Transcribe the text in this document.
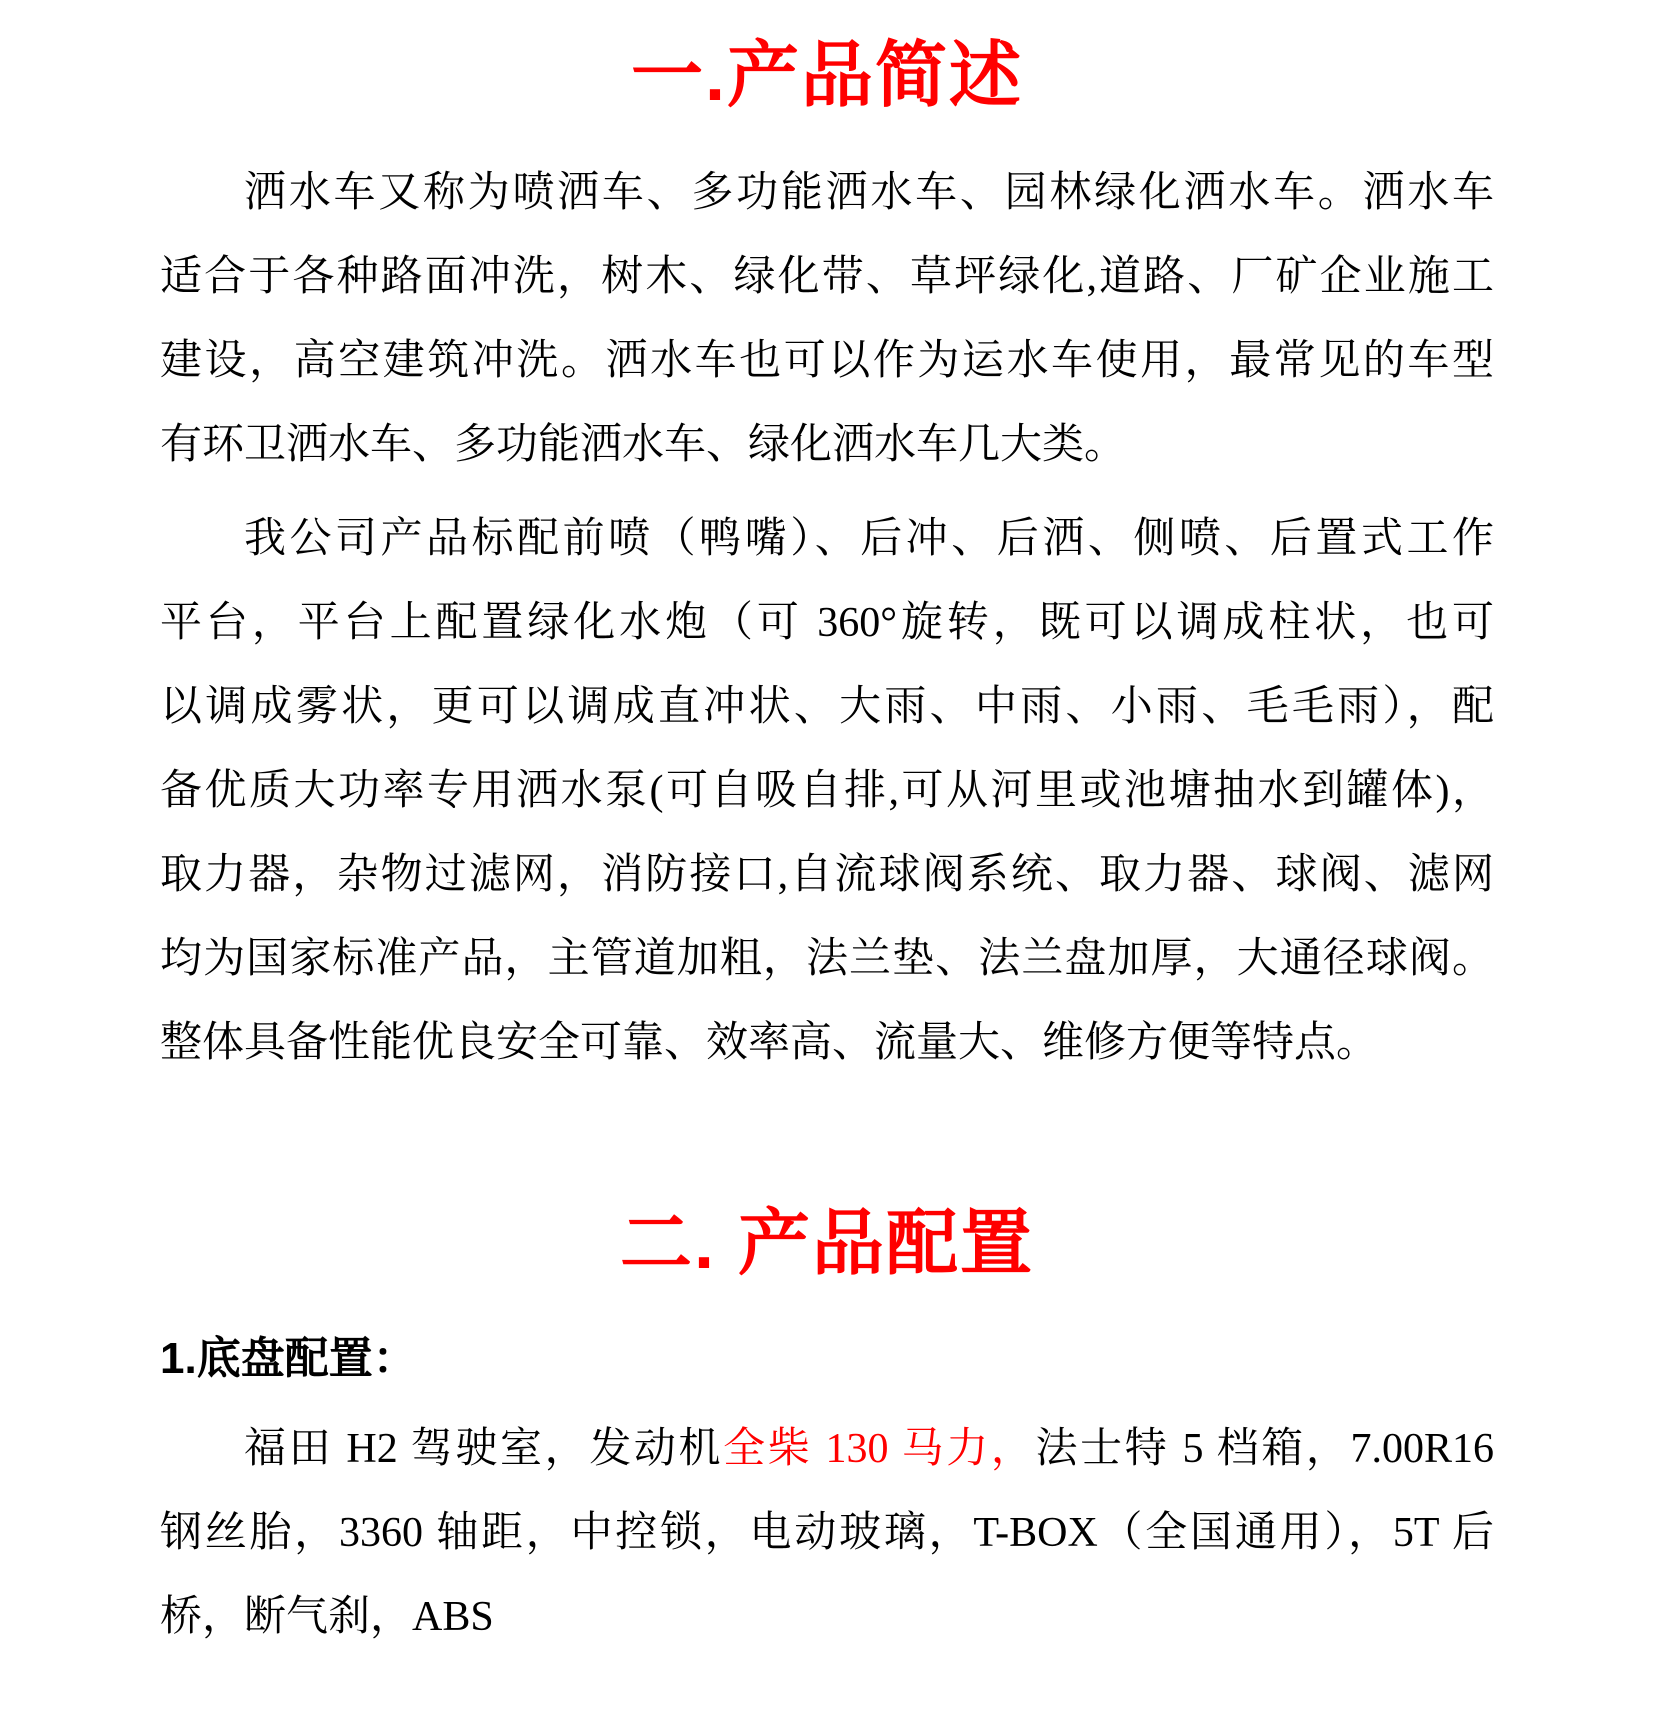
一.产品简述
洒水车又称为喷洒车、多功能洒水车、园林绿化洒水车。洒水车
适合于各种路面冲洗，树木、绿化带、草坪绿化,道路、厂矿企业施工
建设，高空建筑冲洗。洒水车也可以作为运水车使用，最常见的车型
有环卫洒水车、多功能洒水车、绿化洒水车几大类。
我公司产品标配前喷（鸭嘴）、后冲、后洒、侧喷、后置式工作
平台，平台上配置绿化水炮（可 360°旋转，既可以调成柱状，也可
以调成雾状，更可以调成直冲状、大雨、中雨、小雨、毛毛雨），配
备优质大功率专用洒水泵(可自吸自排,可从河里或池塘抽水到罐体)，
取力器，杂物过滤网，消防接口,自流球阀系统、取力器、球阀、滤网
均为国家标准产品，主管道加粗，法兰垫、法兰盘加厚，大通径球阀。
整体具备性能优良安全可靠、效率高、流量大、维修方便等特点。
二. 产品配置
1.底盘配置：
福田 H2 驾驶室，发动机全柴 130 马力，法士特 5 档箱，7.00R16
钢丝胎，3360 轴距，中控锁，电动玻璃，T-BOX（全国通用），5T 后
桥，断气刹，ABS
